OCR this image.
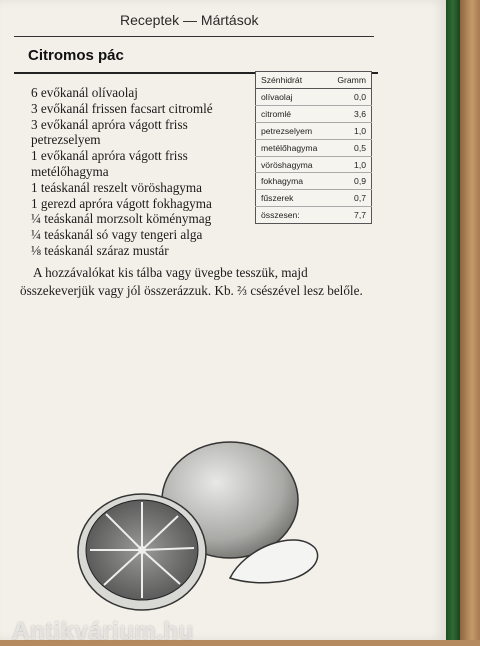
Receptek — Mártások
Citromos pác
6 evőkanál olívaolaj
3 evőkanál frissen facsart citromlé
3 evőkanál apróra vágott friss
petrezselyem
1 evőkanál apróra vágott friss
metélőhagyma
1 teáskanál reszelt vöröshagyma
1 gerezd apróra vágott fokhagyma
¼ teáskanál morzsolt köménymag
¼ teáskanál só vagy tengeri alga
⅛ teáskanál száraz mustár
Szénhidrát	Gramm
olívaolaj	0,0
citromlé	3,6
petrezselyem	1,0
metélőhagyma	0,5
vöröshagyma	1,0
fokhagyma	0,9
fűszerek	0,7
összesen:	7,7

A hozzávalókat kis tálba vagy üvegbe tesszük, majd összekeverjük vagy jól összerázzuk. Kb. ⅔ csészével lesz belőle.

Antikvárium.hu
